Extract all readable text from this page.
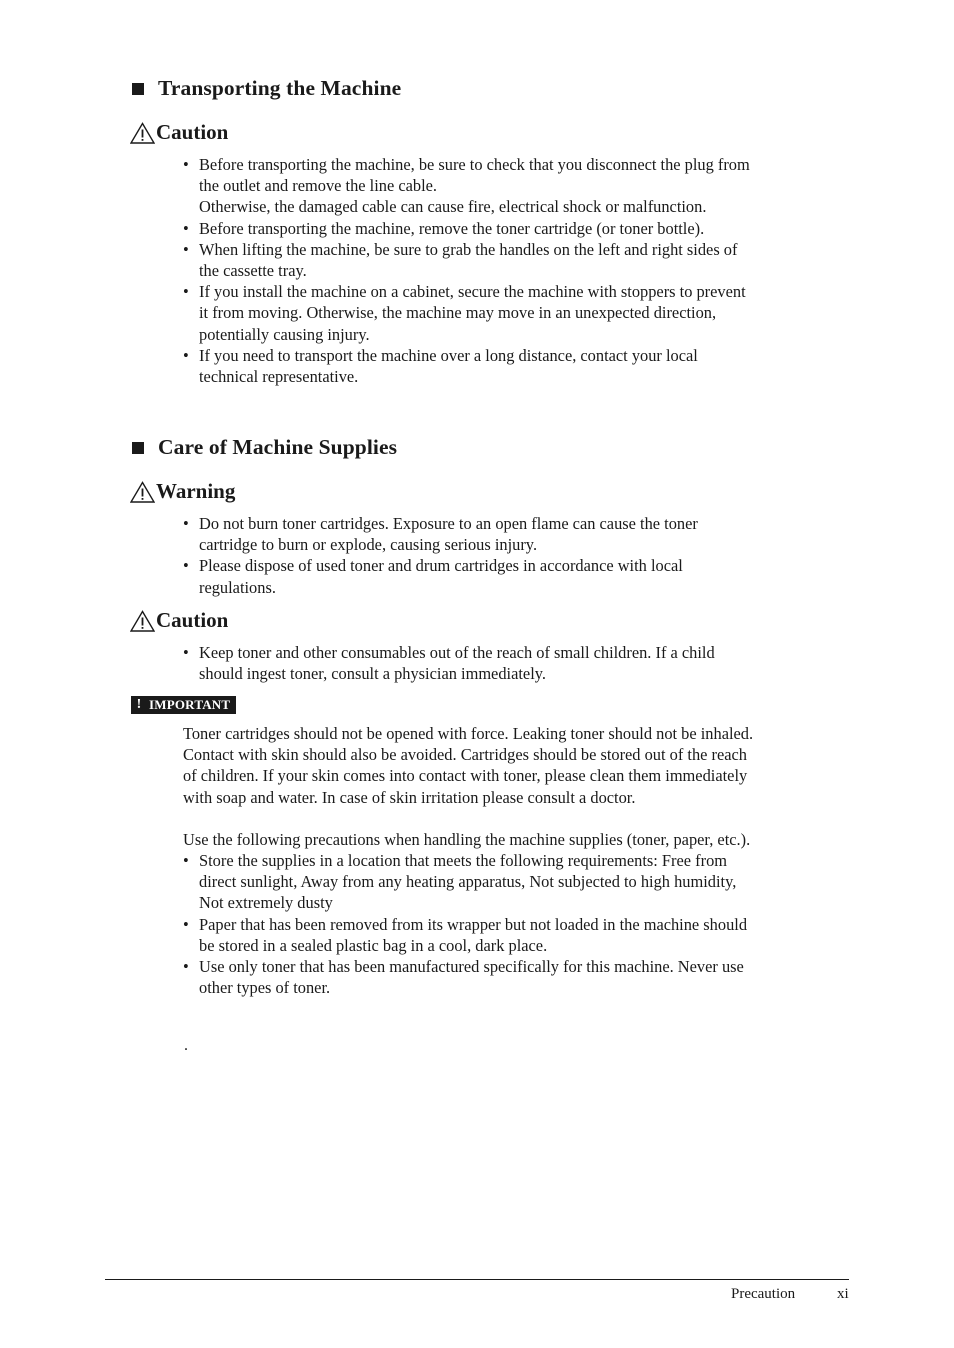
Transporting the Machine
Caution
• Before transporting the machine, be sure to check that you disconnect the plug from
the outlet and remove the line cable.
Otherwise, the damaged cable can cause fire, electrical shock or malfunction.
• Before transporting the machine, remove the toner cartridge (or toner bottle).
• When lifting the machine, be sure to grab the handles on the left and right sides of
the cassette tray.
• If you install the machine on a cabinet, secure the machine with stoppers to prevent
it from moving. Otherwise, the machine may move in an unexpected direction,
potentially causing injury.
• If you need to transport the machine over a long distance, contact your local
technical representative.
Care of Machine Supplies
Warning
• Do not burn toner cartridges. Exposure to an open flame can cause the toner
cartridge to burn or explode, causing serious injury.
• Please dispose of used toner and drum cartridges in accordance with local
regulations.
Caution
• Keep toner and other consumables out of the reach of small children. If a child
should ingest toner, consult a physician immediately.
! IMPORTANT
Toner cartridges should not be opened with force. Leaking toner should not be inhaled.
Contact with skin should also be avoided. Cartridges should be stored out of the reach
of children. If your skin comes into contact with toner, please clean them immediately
with soap and water. In case of skin irritation please consult a doctor.
Use the following precautions when handling the machine supplies (toner, paper, etc.).
• Store the supplies in a location that meets the following requirements: Free from
direct sunlight, Away from any heating apparatus, Not subjected to high humidity,
Not extremely dusty
• Paper that has been removed from its wrapper but not loaded in the machine should
be stored in a sealed plastic bag in a cool, dark place.
• Use only toner that has been manufactured specifically for this machine. Never use
other types of toner.
.
Precaution	xi
